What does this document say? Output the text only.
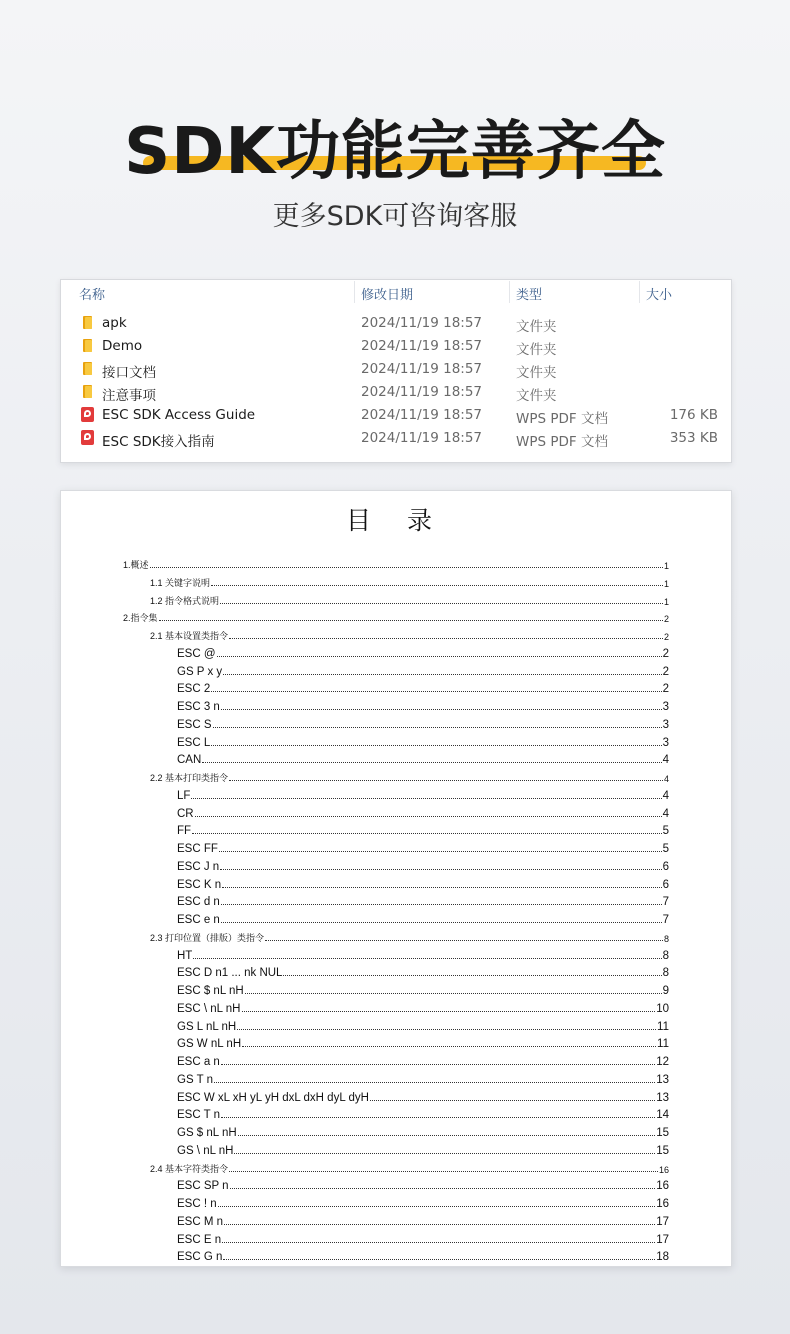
SDK功能完善齐全
更多SDK可咨询客服
名称	修改日期	类型	大小
apk	2024/11/19 18:57	文件夹
Demo	2024/11/19 18:57	文件夹
接口文档	2024/11/19 18:57	文件夹
注意事项	2024/11/19 18:57	文件夹
ESC SDK Access Guide	2024/11/19 18:57	WPS PDF 文档	176 KB
ESC SDK接入指南	2024/11/19 18:57	WPS PDF 文档	353 KB
目 录
1.概述	1
1.1 关键字说明	1
1.2 指令格式说明	1
2.指令集	2
2.1 基本设置类指令	2
ESC @	2
GS P x y	2
ESC 2	2
ESC 3 n	3
ESC S	3
ESC L	3
CAN	4
2.2 基本打印类指令	4
LF	4
CR	4
FF	5
ESC FF	5
ESC J n	6
ESC K n	6
ESC d n	7
ESC e n	7
2.3 打印位置（排版）类指令	8
HT	8
ESC D n1 ... nk NUL	8
ESC $ nL nH	9
ESC \ nL nH	10
GS L nL nH	11
GS W nL nH	11
ESC a n	12
GS T n	13
ESC W xL xH yL yH dxL dxH dyL dyH	13
ESC T n	14
GS $ nL nH	15
GS \ nL nH	15
2.4 基本字符类指令	16
ESC SP n	16
ESC ! n	16
ESC M n	17
ESC E n	17
ESC G n	18
